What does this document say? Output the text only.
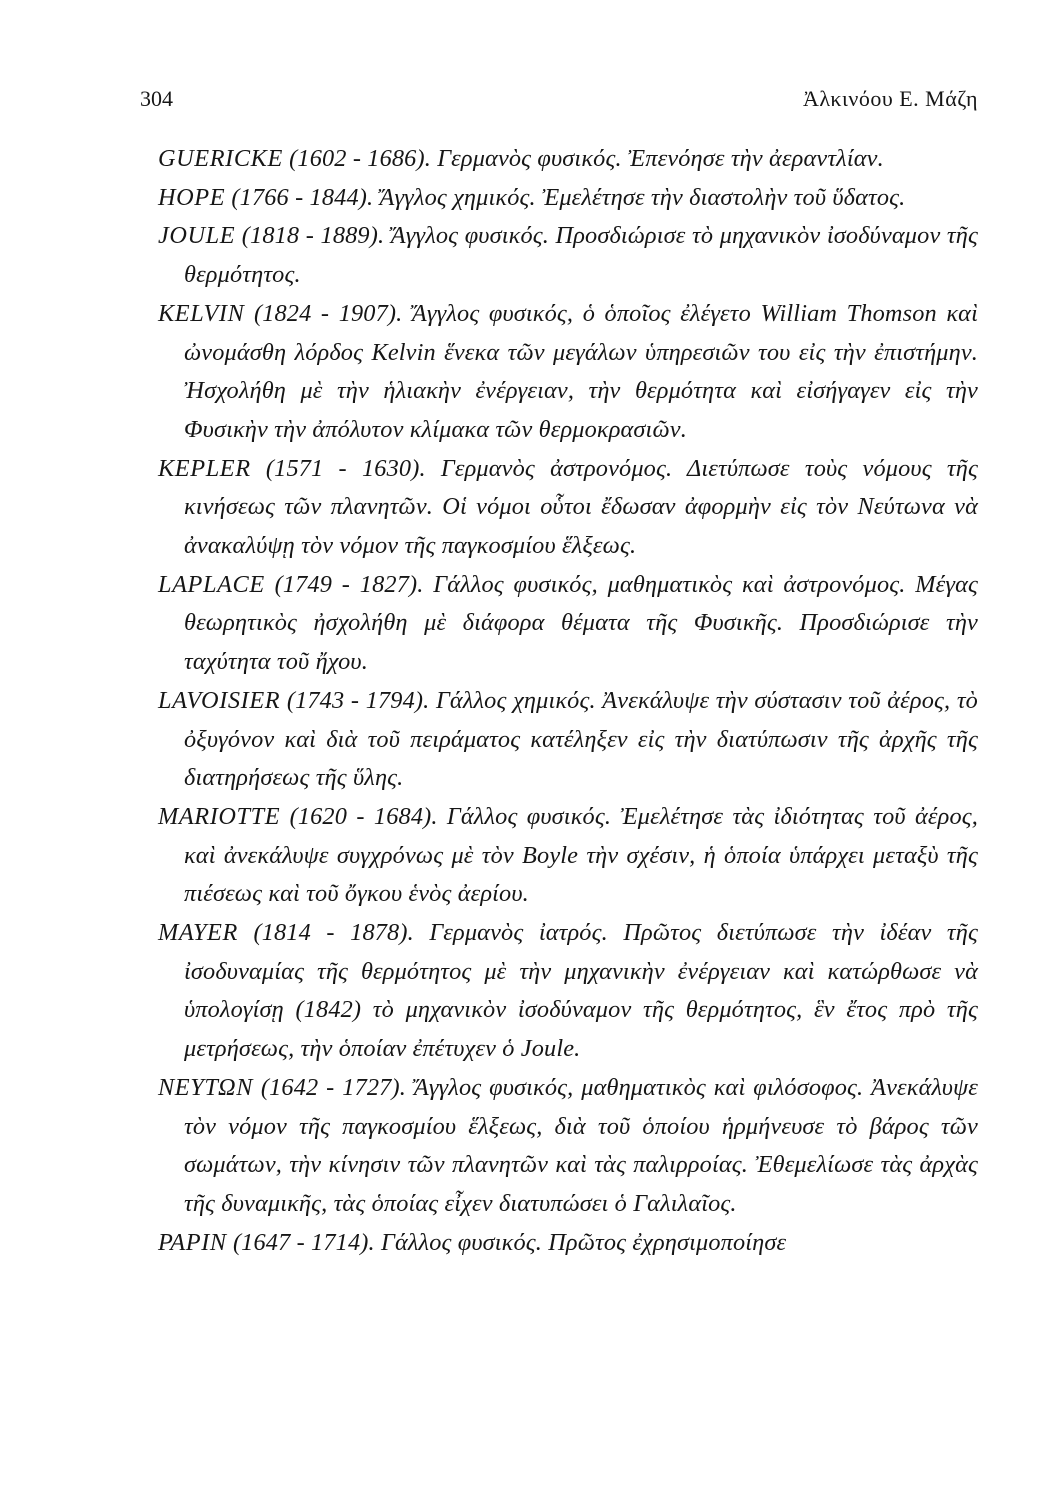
304	Ἀλκινόου Ε. Μάζη
GUERICKE (1602 - 1686). Γερμανὸς φυσικός. Ἐπενόησε τὴν ἀεραντλίαν.
HOPE (1766 - 1844). Ἄγγλος χημικός. Ἐμελέτησε τὴν διαστολὴν τοῦ ὕδατος.
JOULE (1818 - 1889). Ἄγγλος φυσικός. Προσδιώρισε τὸ μηχανικὸν ἰσοδύναμον τῆς θερμότητος.
KELVIN (1824 - 1907). Ἄγγλος φυσικός, ὁ ὁποῖος ἐλέγετο William Thomson καὶ ὠνομάσθη λόρδος Kelvin ἕνεκα τῶν μεγάλων ὑπηρεσιῶν του εἰς τὴν ἐπιστήμην. Ἠσχολήθη μὲ τὴν ἡλιακὴν ἐνέργειαν, τὴν θερμότητα καὶ εἰσήγαγεν εἰς τὴν Φυσικὴν τὴν ἀπόλυτον κλίμακα τῶν θερμοκρασιῶν.
KEPLER (1571 - 1630). Γερμανὸς ἀστρονόμος. Διετύπωσε τοὺς νόμους τῆς κινήσεως τῶν πλανητῶν. Οἱ νόμοι οὗτοι ἔδωσαν ἀφορμὴν εἰς τὸν Νεύτωνα νὰ ἀνακαλύψῃ τὸν νόμον τῆς παγκοσμίου ἕλξεως.
LAPLACE (1749 - 1827). Γάλλος φυσικός, μαθηματικὸς καὶ ἀστρονόμος. Μέγας θεωρητικὸς ἠσχολήθη μὲ διάφορα θέματα τῆς Φυσικῆς. Προσδιώρισε τὴν ταχύτητα τοῦ ἤχου.
LAVOISIER (1743 - 1794). Γάλλος χημικός. Ἀνεκάλυψε τὴν σύστασιν τοῦ ἀέρος, τὸ ὀξυγόνον καὶ διὰ τοῦ πειράματος κατέληξεν εἰς τὴν διατύπωσιν τῆς ἀρχῆς τῆς διατηρήσεως τῆς ὕλης.
MARIOTTE (1620 - 1684). Γάλλος φυσικός. Ἐμελέτησε τὰς ἰδιότητας τοῦ ἀέρος, καὶ ἀνεκάλυψε συγχρόνως μὲ τὸν Boyle τὴν σχέσιν, ἡ ὁποία ὑπάρχει μεταξὺ τῆς πιέσεως καὶ τοῦ ὄγκου ἑνὸς ἀερίου.
MAYER (1814 - 1878). Γερμανὸς ἰατρός. Πρῶτος διετύπωσε τὴν ἰδέαν τῆς ἰσοδυναμίας τῆς θερμότητος μὲ τὴν μηχανικὴν ἐνέργειαν καὶ κατώρθωσε νὰ ὑπολογίσῃ (1842) τὸ μηχανικὸν ἰσοδύναμον τῆς θερμότητος, ἓν ἔτος πρὸ τῆς μετρήσεως, τὴν ὁποίαν ἐπέτυχεν ὁ Joule.
ΝΕΥΤΩΝ (1642 - 1727). Ἄγγλος φυσικός, μαθηματικὸς καὶ φιλόσοφος. Ἀνεκάλυψε τὸν νόμον τῆς παγκοσμίου ἕλξεως, διὰ τοῦ ὁποίου ἡρμήνευσε τὸ βάρος τῶν σωμάτων, τὴν κίνησιν τῶν πλανητῶν καὶ τὰς παλιρροίας. Ἐθεμελίωσε τὰς ἀρχὰς τῆς δυναμικῆς, τὰς ὁποίας εἶχεν διατυπώσει ὁ Γαλιλαῖος.
PAPIN (1647 - 1714). Γάλλος φυσικός. Πρῶτος ἐχρησιμοποίησε
